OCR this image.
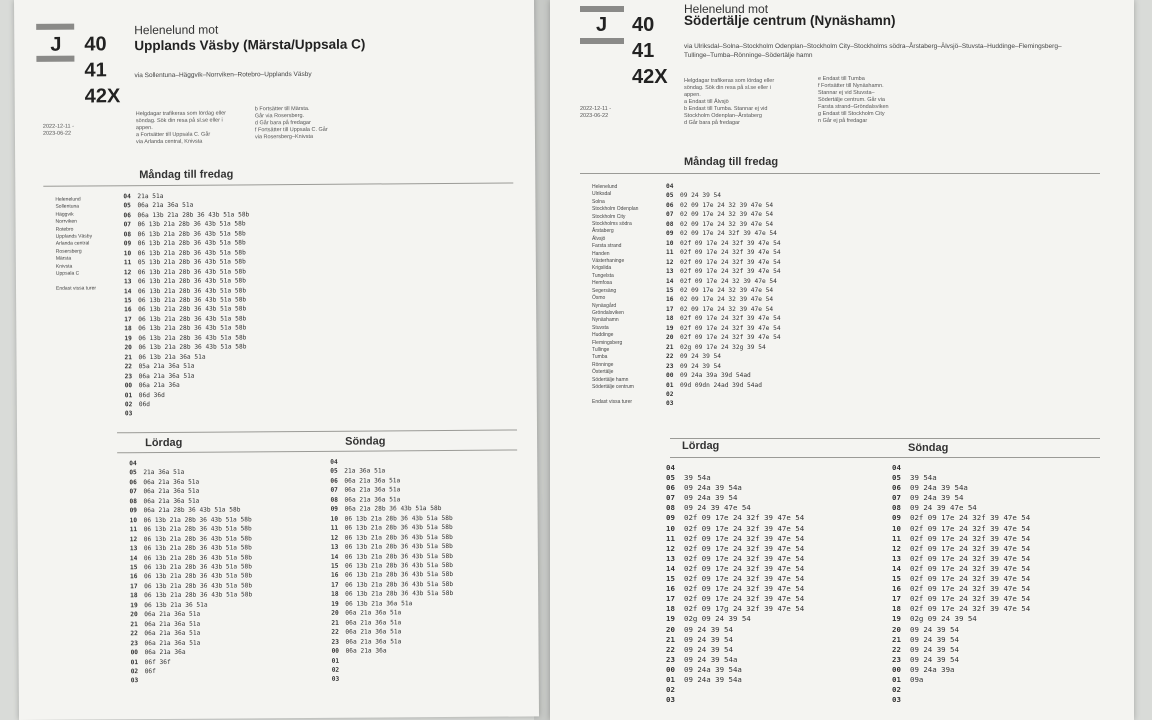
J 40
41
42X
Helenelund mot
Upplands Väsby (Märsta/Uppsala C)
via Sollentuna–Häggvik–Norrviken–Rotebro–Upplands Väsby
Helgdagar trafikeras som lördag eller
söndag. Sök din resa på sl.se eller i
appen.
a Fortsätter till Uppsala C. Går
via Arlanda central, Knivsta
b Fortsätter till Märsta.
Går via Rosersberg.
d Går bara på fredagar
f Fortsätter till Uppsala C. Går
via Rosersberg–Knivsta
2022-12-11 -
2023-06-22
Måndag till fredag
Helenelund
Sollentuna
Häggvik
Norrviken
Rotebro
Upplands Väsby
Arlanda central
Rosersberg
Märsta
Knivsta
Uppsala C

Endast vissa turer
04 21a 51a
05 06a 21a 36a 51a
06 06a 13b 21a 28b 36 43b 51a 58b
07 06 13b 21a 28b 36 43b 51a 58b
08 06 13b 21a 28b 36 43b 51a 58b
09 06 13b 21a 28b 36 43b 51a 58b
10 06 13b 21a 28b 36 43b 51a 58b
11 05 13b 21a 28b 36 43b 51a 58b
12 06 13b 21a 28b 36 43b 51a 58b
13 06 13b 21a 28b 36 43b 51a 58b
14 06 13b 21a 28b 36 43b 51a 58b
15 06 13b 21a 28b 36 43b 51a 58b
16 06 13b 21a 28b 36 43b 51a 58b
17 06 13b 21a 28b 36 43b 51a 58b
18 06 13b 21a 28b 36 43b 51a 58b
19 06 13b 21a 28b 36 43b 51a 58b
20 06 13b 21a 28b 36 43b 51a 58b
21 06 13b 21a 36a 51a
22 05a 21a 36a 51a
23 06a 21a 36a 51a
00 06a 21a 36a
01 06d 36d
02 06d
03
Lördag	Söndag
04
05 21a 36a 51a
06 06a 21a 36a 51a
07 06a 21a 36a 51a
08 06a 21a 36a 51a
09 06a 21a 28b 36 43b 51a 58b
10 06 13b 21a 28b 36 43b 51a 58b
11 06 13b 21a 28b 36 43b 51a 58b
12 06 13b 21a 28b 36 43b 51a 58b
13 06 13b 21a 28b 36 43b 51a 58b
14 06 13b 21a 28b 36 43b 51a 58b
15 06 13b 21a 28b 36 43b 51a 58b
16 06 13b 21a 28b 36 43b 51a 58b
17 06 13b 21a 28b 36 43b 51a 58b
18 06 13b 21a 28b 36 43b 51a 58b
19 06 13b 21a 36 51a
20 06a 21a 36a 51a
21 06a 21a 36a 51a
22 06a 21a 36a 51a
23 06a 21a 36a 51a
00 06a 21a 36a
01 06f 36f
02 06f
03
04
05 21a 36a 51a
06 06a 21a 36a 51a
07 06a 21a 36a 51a
08 06a 21a 36a 51a
09 06a 21a 28b 36 43b 51a 58b
10 06 13b 21a 28b 36 43b 51a 58b
11 06 13b 21a 28b 36 43b 51a 58b
12 06 13b 21a 28b 36 43b 51a 58b
13 06 13b 21a 28b 36 43b 51a 58b
14 06 13b 21a 28b 36 43b 51a 58b
15 06 13b 21a 28b 36 43b 51a 58b
16 06 13b 21a 28b 36 43b 51a 58b
17 06 13b 21a 28b 36 43b 51a 58b
18 06 13b 21a 28b 36 43b 51a 58b
19 06 13b 21a 36a 51a
20 06a 21a 36a 51a
21 06a 21a 36a 51a
22 06a 21a 36a 51a
23 06a 21a 36a 51a
00 06a 21a 36a
01
02
03
J 40
41
42X
Helenelund mot
Södertälje centrum (Nynäshamn)
via Ulriksdal–Solna–Stockholm Odenplan–Stockholm City–Stockholms södra–Årstaberg–Älvsjö–Stuvsta–Huddinge–Flemingsberg–Tullinge–Tumba–Rönninge–Södertälje hamn
Helgdagar trafikeras som lördag eller
söndag. Sök din resa på sl.se eller i
appen.
a Endast till Älvsjö
b Endast till Tumba. Stannar ej vid
Stockholm Odenplan–Årstaberg
d Går bara på fredagar
e Endast till Tumba
f Fortsätter till Nynäshamn.
Stannar ej vid Stuvsta–
Södertälje centrum. Går via
Farsta strand–Gröndalsviken
g Endast till Stockholm City
n Går ej på fredagar
2022-12-11 -
2023-06-22
Måndag till fredag
Helenelund
Ulriksdal
Solna
Stockholm Odenplan
Stockholm City
Stockholms södra
Årstaberg
Älvsjö
Farsta strand
Handen
Västerhaninge
Krigslida
Tungelsta
Hemfosa
Segersäng
Ösmo
Nynäsgård
Gröndalsviken
Nynäshamn
Stuvsta
Huddinge
Flemingsberg
Tullinge
Tumba
Rönninge
Östertälje
Södertälje hamn
Södertälje centrum

Endast vissa turer
04
05 09 24 39 54
06 02 09 17e 24 32 39 47e 54
07 02 09 17e 24 32 39 47e 54
08 02 09 17e 24 32 39 47e 54
09 02 09 17e 24 32f 39 47e 54
10 02f 09 17e 24 32f 39 47e 54
11 02f 09 17e 24 32f 39 47e 54
12 02f 09 17e 24 32f 39 47e 54
13 02f 09 17e 24 32f 39 47e 54
14 02f 09 17e 24 32 39 47e 54
15 02 09 17e 24 32 39 47e 54
16 02 09 17e 24 32 39 47e 54
17 02 09 17e 24 32 39 47e 54
18 02f 09 17e 24 32f 39 47e 54
19 02f 09 17e 24 32f 39 47e 54
20 02f 09 17e 24 32f 39 47e 54
21 02g 09 17e 24 32g 39 54
22 09 24 39 54
23 09 24 39 54
00 09 24a 39a 39d 54ad
01 09d 09dn 24ad 39d 54ad
02
03
Lördag	Söndag
04
05 39 54a
06 09 24a 39 54a
07 09 24a 39 54
08 09 24 39 47e 54
09 02f 09 17e 24 32f 39 47e 54
10 02f 09 17e 24 32f 39 47e 54
11 02f 09 17e 24 32f 39 47e 54
12 02f 09 17e 24 32f 39 47e 54
13 02f 09 17e 24 32f 39 47e 54
14 02f 09 17e 24 32f 39 47e 54
15 02f 09 17e 24 32f 39 47e 54
16 02f 09 17e 24 32f 39 47e 54
17 02f 09 17e 24 32f 39 47e 54
18 02f 09 17g 24 32f 39 47e 54
19 02g 09 24 39 54
20 09 24 39 54
21 09 24 39 54
22 09 24 39 54
23 09 24 39 54a
00 09 24a 39 54a
01 09 24a 39 54a
02
03
04
05 39 54a
06 09 24a 39 54a
07 09 24a 39 54
08 09 24 39 47e 54
09 02f 09 17e 24 32f 39 47e 54
10 02f 09 17e 24 32f 39 47e 54
11 02f 09 17e 24 32f 39 47e 54
12 02f 09 17e 24 32f 39 47e 54
13 02f 09 17e 24 32f 39 47e 54
14 02f 09 17e 24 32f 39 47e 54
15 02f 09 17e 24 32f 39 47e 54
16 02f 09 17e 24 32f 39 47e 54
17 02f 09 17e 24 32f 39 47e 54
18 02f 09 17e 24 32f 39 47e 54
19 02g 09 24 39 54
20 09 24 39 54
21 09 24 39 54
22 09 24 39 54
23 09 24 39 54
00 09 24a 39a
01 09a
02
03
